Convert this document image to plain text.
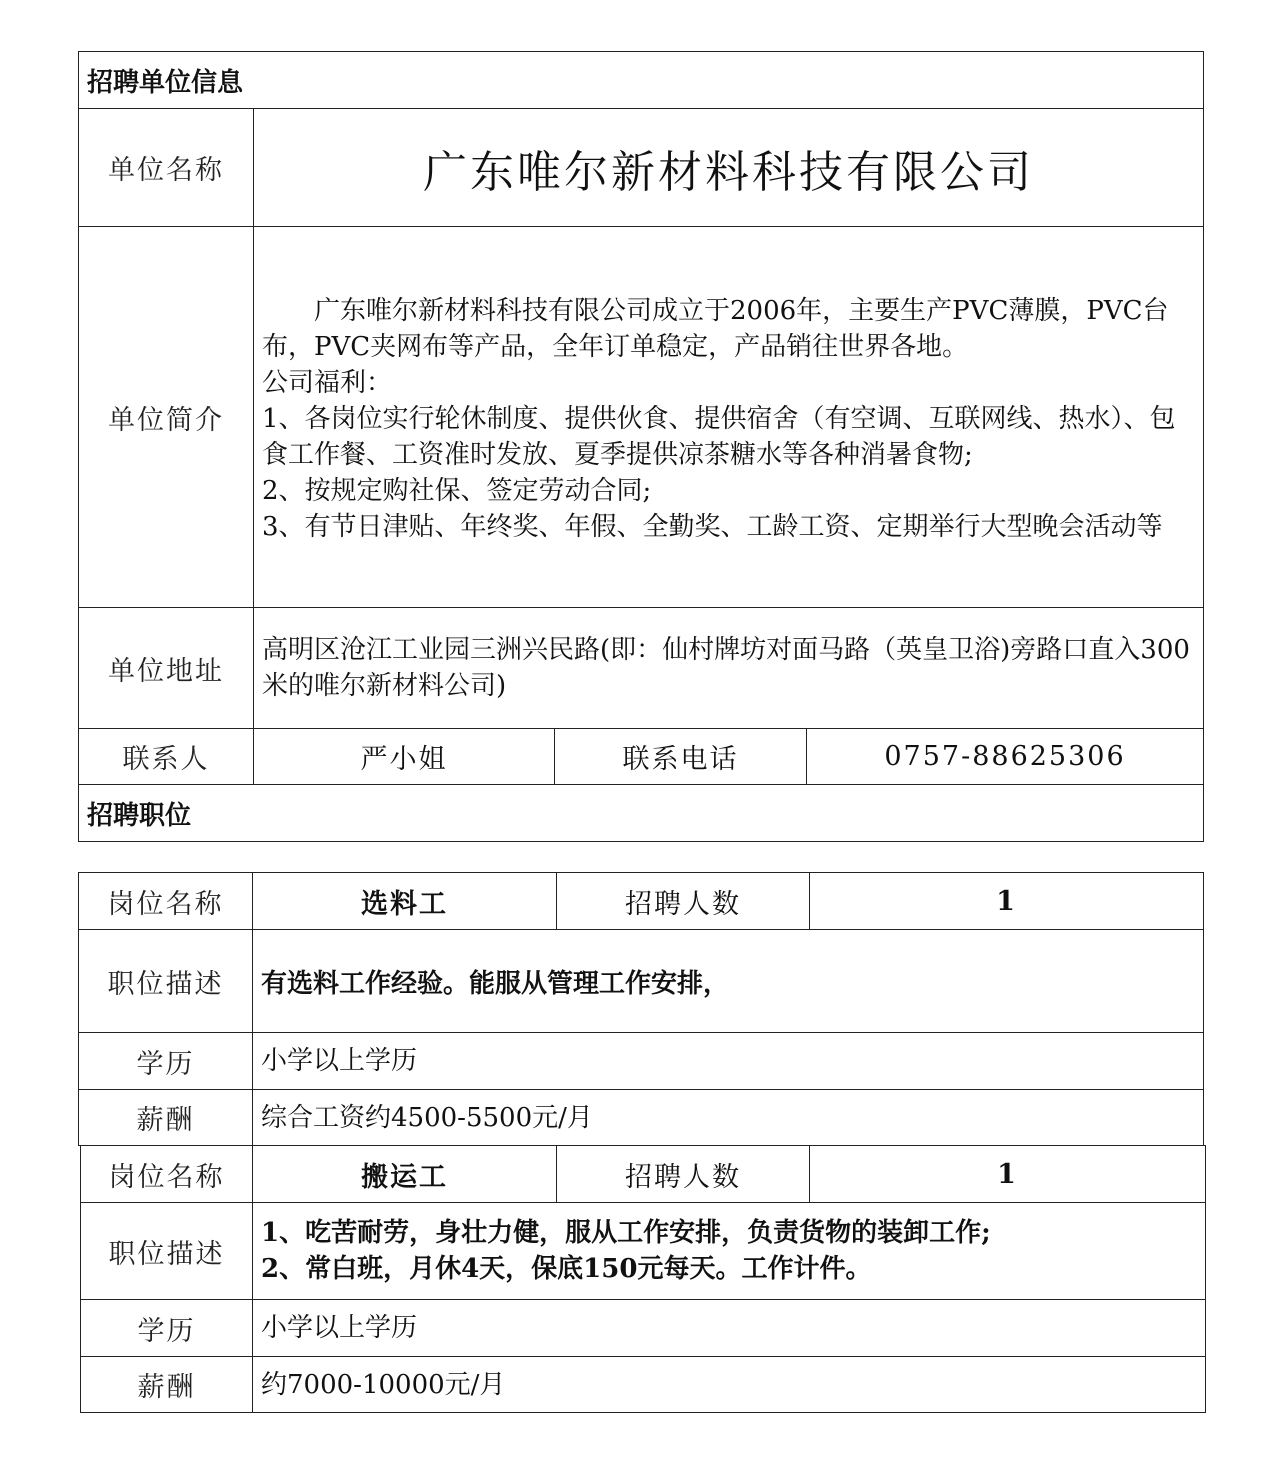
招聘单位信息			
单位名称	广东唯尔新材料科技有限公司		
单位简介	广东唯尔新材料科技有限公司成立于2006年，主要生产PVC薄膜，PVC台布，PVC夹网布等产品，全年订单稳定，产品销往世界各地。

公司福利：

1、各岗位实行轮休制度、提供伙食、提供宿舍（有空调、互联网线、热水）、包食工作餐、工资准时发放、夏季提供凉茶糖水等各种消暑食物;

2、按规定购社保、签定劳动合同;

3、有节日津贴、年终奖、年假、全勤奖、工龄工资、定期举行大型晚会活动等		

单位地址	高明区沧江工业园三洲兴民路(即：仙村牌坊对面马路（英皇卫浴)旁路口直入300米的唯尔新材料公司)		
联系人	严小姐	联系电话	0757-88625306
招聘职位			
岗位名称	选料工	招聘人数	1
职位描述	有选料工作经验。能服从管理工作安排，		

学历	小学以上学历		
薪酬	综合工资约4500-5500元/月		
岗位名称	搬运工	招聘人数	1
职位描述	1、吃苦耐劳，身壮力健，服从工作安排，负责货物的装卸工作;
2、常白班，月休4天，保底150元每天。工作计件。		

学历	小学以上学历		
薪酬	约7000-10000元/月		
